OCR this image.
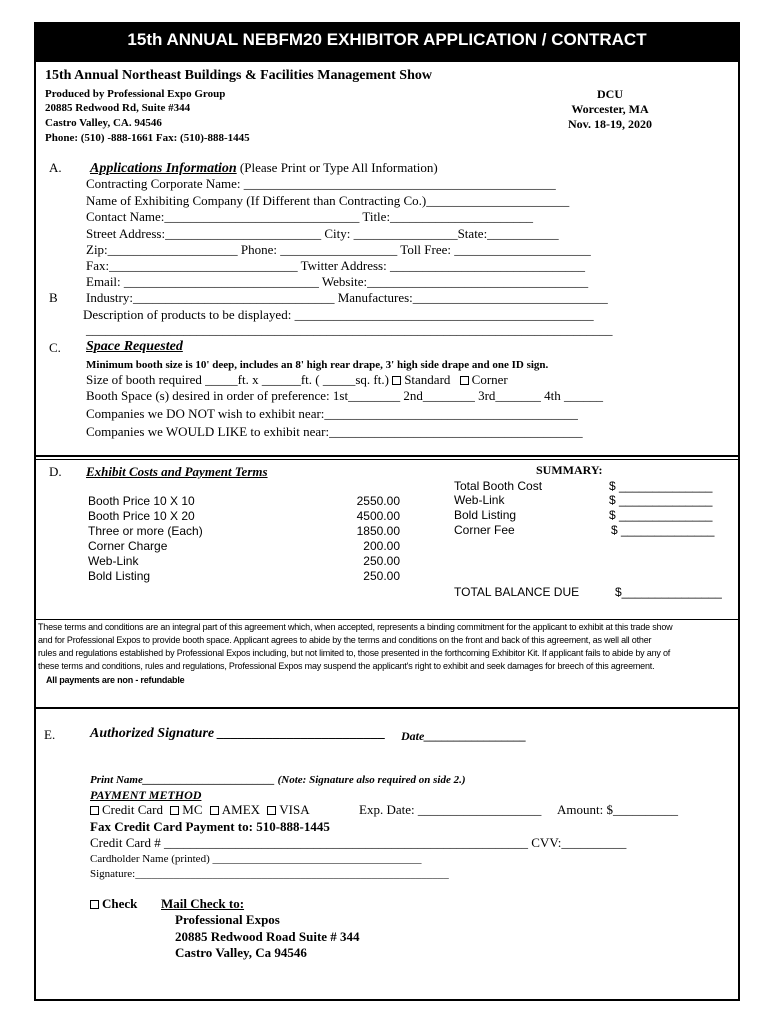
15th ANNUAL NEBFM20 EXHIBITOR APPLICATION / CONTRACT
15th Annual Northeast Buildings & Facilities Management Show
Produced by Professional Expo Group
20885 Redwood Rd, Suite #344
Castro Valley, CA. 94546
Phone: (510) -888-1661 Fax: (510)-888-1445
DCU
Worcester, MA
Nov. 18-19, 2020
A. Applications Information (Please Print or Type All Information)
Contracting Corporate Name: ________________________________________________
Name of Exhibiting Company (If Different than Contracting Co.)______________________
Contact Name:______________________________ Title:______________________
Street Address:________________________ City: ________________State:___________
Zip:____________________ Phone: __________________ Toll Free: _____________________
Fax:_____________________________ Twitter Address: ______________________________
Email: ______________________________ Website:__________________________________
B Industry:_______________________________ Manufactures:______________________________
Description of products to be displayed: ______________________________________________
_________________________________________________________________________________
C. Space Requested
Minimum booth size is 10' deep, includes an 8' high rear drape, 3' high side drape and one ID sign.
Size of booth required _____ft. x ______ft. ( _____sq. ft.) Standard Corner
Booth Space (s) desired in order of preference: 1st________ 2nd________ 3rd_______ 4th ______
Companies we DO NOT wish to exhibit near:_______________________________________
Companies we WOULD LIKE to exhibit near:_______________________________________
D. Exhibit Costs and Payment Terms	SUMMARY:
Booth Price 10 X 10	2550.00
Booth Price 10 X 20	4500.00
Three or more (Each)	1850.00
Corner Charge	200.00
Web-Link	250.00
Bold Listing	250.00
Total Booth Cost	$ ______________
Web-Link	$ ______________
Bold Listing	$ ______________
Corner Fee	$ ______________
TOTAL BALANCE DUE	$_______________
These terms and conditions are an integral part of this agreement which, when accepted, represents a binding commitment for the applicant to exhibit at this trade show
and for Professional Expos to provide booth space. Applicant agrees to abide by the terms and conditions on the front and back of this agreement, as well all other
rules and regulations established by Professional Expos including, but not limited to, those presented in the forthcoming Exhibitor Kit. If applicant fails to abide by any of
these terms and conditions, rules and regulations, Professional Expos may suspend the applicant's right to exhibit and seek damages for breech of this agreement.
All payments are non - refundable
E. Authorized Signature ________________________ Date_________________
Print Name________________________ (Note: Signature also required on side 2.)
PAYMENT METHOD
Credit Card MC AMEX VISA	Exp. Date: ___________________ Amount: $__________
Fax Credit Card Payment to: 510-888-1445
Credit Card # ________________________________________________________ CVV:__________
Cardholder Name (printed) ______________________________________
Signature:_________________________________________________________
Check Mail Check to:
Professional Expos
20885 Redwood Road Suite # 344
Castro Valley, Ca 94546
